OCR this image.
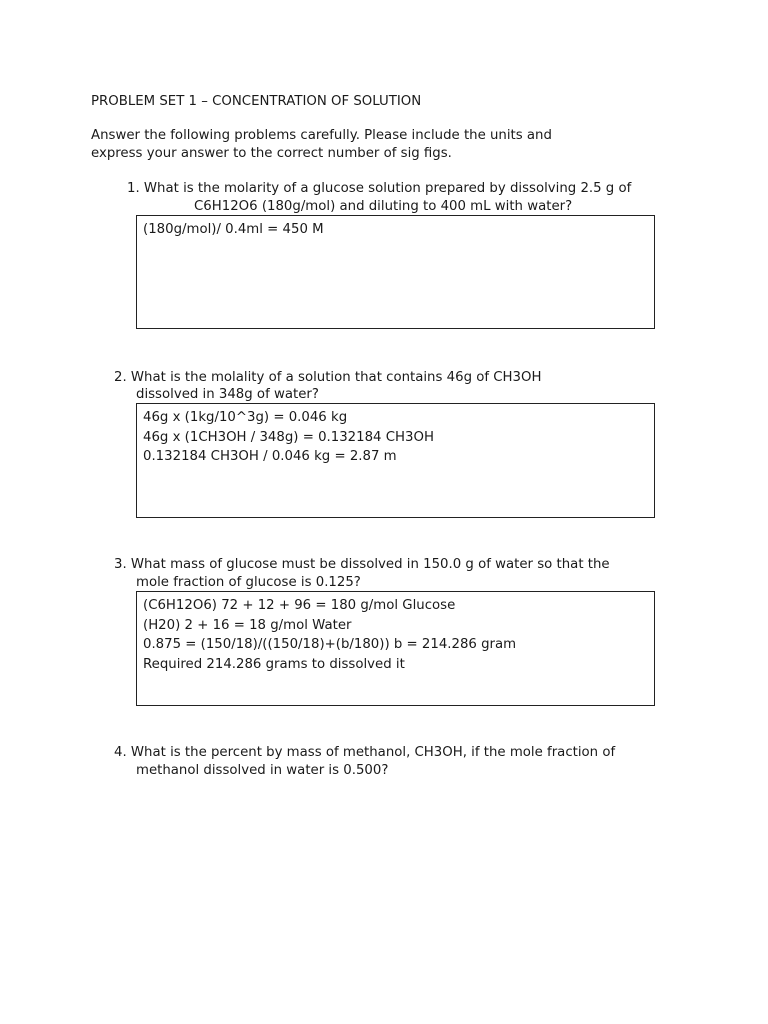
PROBLEM SET 1 – CONCENTRATION OF SOLUTION
Answer the following problems carefully. Please include the units and
express your answer to the correct number of sig figs.
1. What is the molarity of a glucose solution prepared by dissolving 2.5 g of
C6H12O6 (180g/mol) and diluting to 400 mL with water?
(180g/mol)/ 0.4ml = 450 M
2. What is the molality of a solution that contains 46g of CH3OH
dissolved in 348g of water?
46g x (1kg/10^3g) = 0.046 kg
46g x (1CH3OH / 348g) = 0.132184 CH3OH
0.132184 CH3OH / 0.046 kg = 2.87 m
3. What mass of glucose must be dissolved in 150.0 g of water so that the
mole fraction of glucose is 0.125?
(C6H12O6) 72 + 12 + 96 = 180 g/mol Glucose
(H20) 2 + 16 = 18 g/mol Water
0.875 = (150/18)/((150/18)+(b/180)) b = 214.286 gram
Required 214.286 grams to dissolved it
4. What is the percent by mass of methanol, CH3OH, if the mole fraction of
methanol dissolved in water is 0.500?
